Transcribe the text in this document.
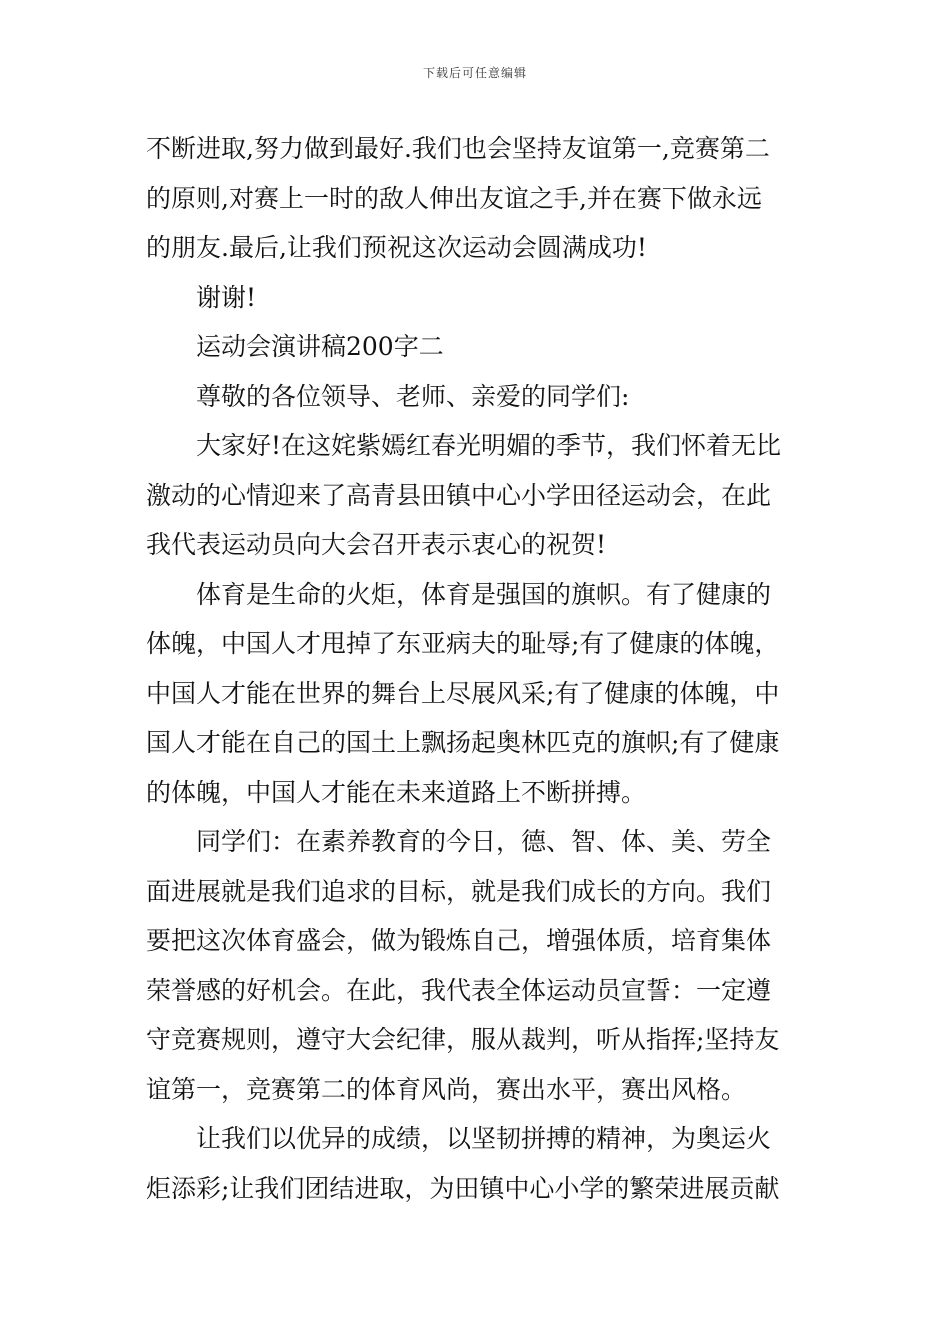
下载后可任意编辑

不断进取,努力做到最好.我们也会坚持友谊第一,竞赛第二
的原则,对赛上一时的敌人伸出友谊之手,并在赛下做永远
的朋友.最后,让我们预祝这次运动会圆满成功!

谢谢!

运动会演讲稿200字二

尊敬的各位领导、老师、亲爱的同学们:

大家好!在这姹紫嫣红春光明媚的季节，我们怀着无比
激动的心情迎来了高青县田镇中心小学田径运动会，在此
我代表运动员向大会召开表示衷心的祝贺!

体育是生命的火炬，体育是强国的旗帜。有了健康的
体魄，中国人才甩掉了东亚病夫的耻辱;有了健康的体魄，
中国人才能在世界的舞台上尽展风采;有了健康的体魄，中
国人才能在自己的国土上飘扬起奥林匹克的旗帜;有了健康
的体魄，中国人才能在未来道路上不断拼搏。

同学们：在素养教育的今日，德、智、体、美、劳全
面进展就是我们追求的目标，就是我们成长的方向。我们
要把这次体育盛会，做为锻炼自己，增强体质，培育集体
荣誉感的好机会。在此，我代表全体运动员宣誓：一定遵
守竞赛规则，遵守大会纪律，服从裁判，听从指挥;坚持友
谊第一，竞赛第二的体育风尚，赛出水平，赛出风格。

让我们以优异的成绩，以坚韧拼搏的精神，为奥运火
炬添彩;让我们团结进取，为田镇中心小学的繁荣进展贡献
